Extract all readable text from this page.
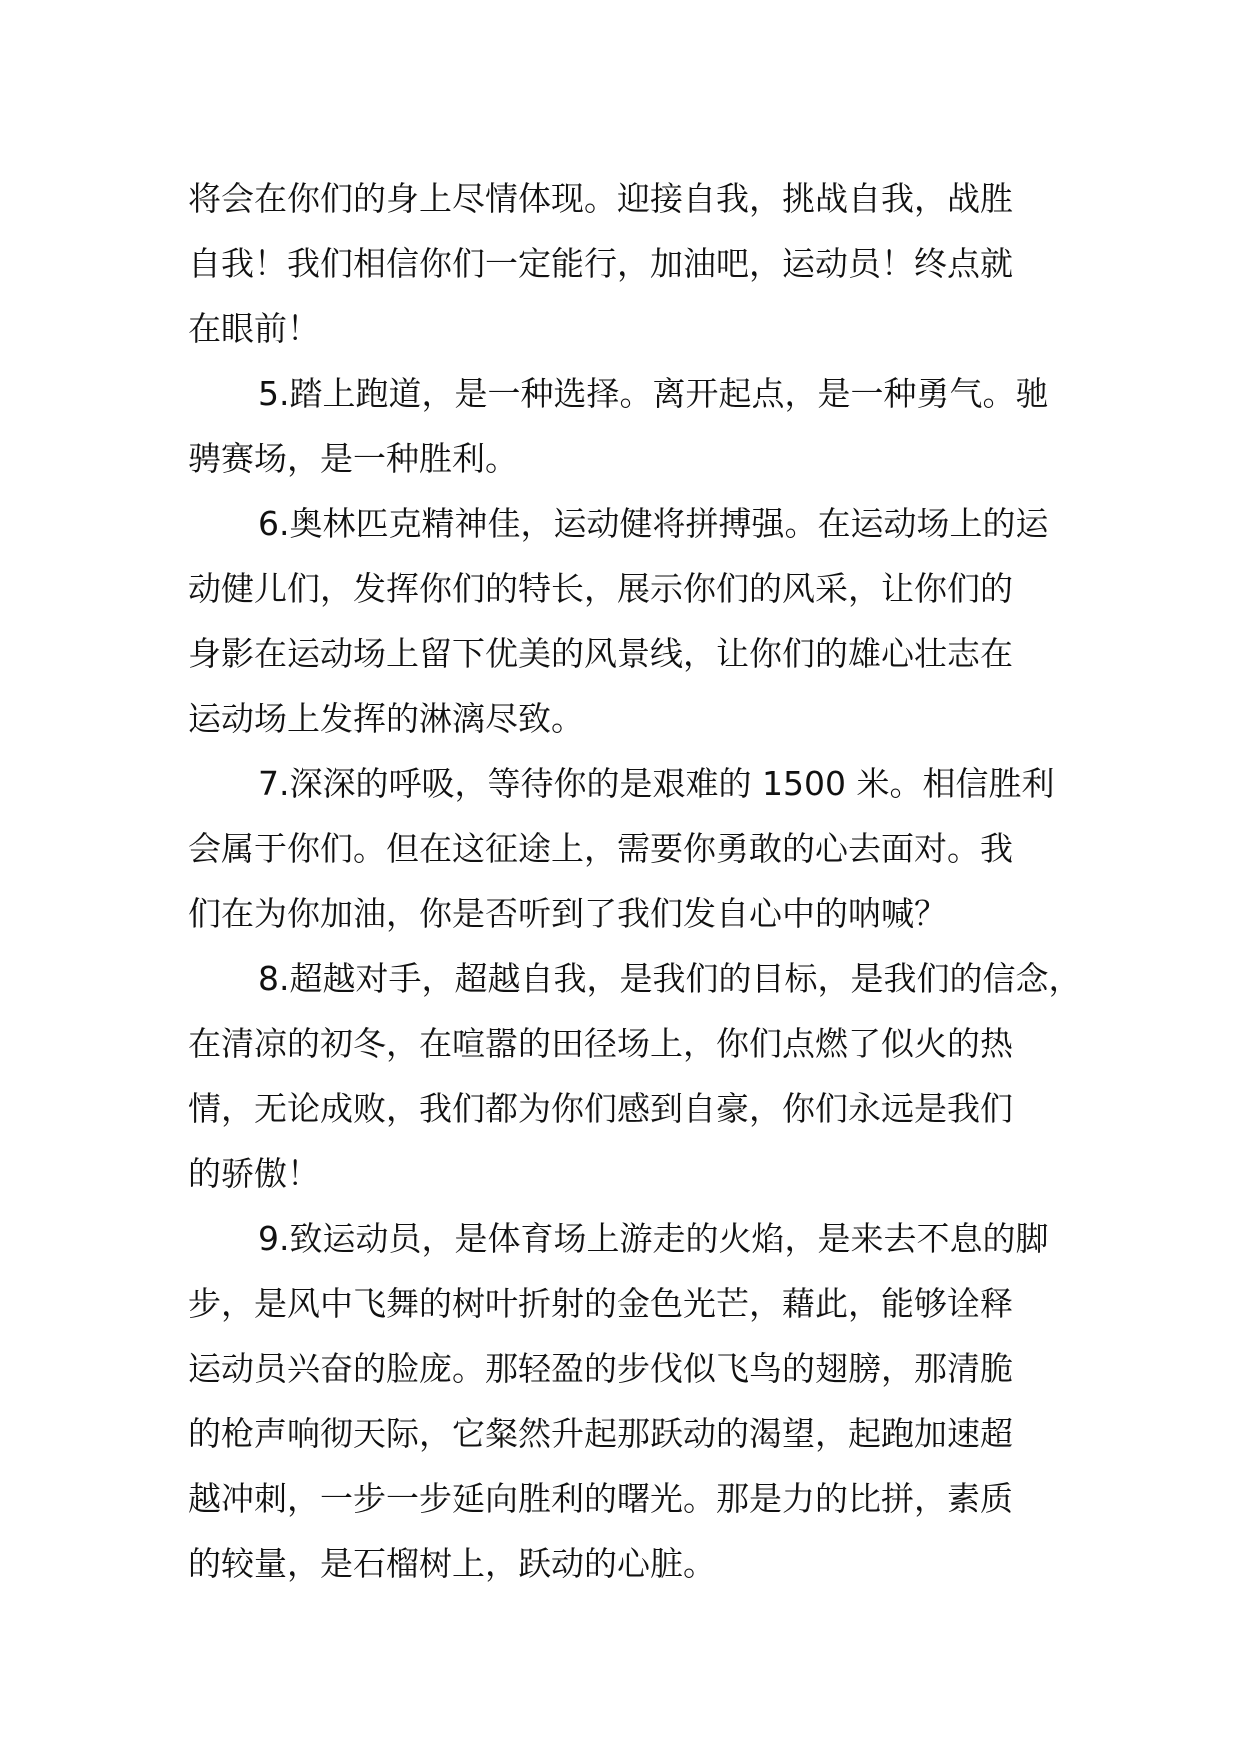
将会在你们的身上尽情体现。迎接自我，挑战自我，战胜
自我！我们相信你们一定能行，加油吧，运动员！终点就
在眼前！
5.踏上跑道，是一种选择。离开起点，是一种勇气。驰
骋赛场，是一种胜利。
6.奥林匹克精神佳，运动健将拼搏强。在运动场上的运
动健儿们，发挥你们的特长，展示你们的风采，让你们的
身影在运动场上留下优美的风景线，让你们的雄心壮志在
运动场上发挥的淋漓尽致。
7.深深的呼吸，等待你的是艰难的 1500 米。相信胜利
会属于你们。但在这征途上，需要你勇敢的心去面对。我
们在为你加油，你是否听到了我们发自心中的呐喊？
8.超越对手，超越自我，是我们的目标，是我们的信念，
在清凉的初冬，在喧嚣的田径场上，你们点燃了似火的热
情，无论成败，我们都为你们感到自豪，你们永远是我们
的骄傲！
9.致运动员，是体育场上游走的火焰，是来去不息的脚
步，是风中飞舞的树叶折射的金色光芒，藉此，能够诠释
运动员兴奋的脸庞。那轻盈的步伐似飞鸟的翅膀，那清脆
的枪声响彻天际，它粲然升起那跃动的渴望，起跑加速超
越冲刺，一步一步延向胜利的曙光。那是力的比拼，素质
的较量，是石榴树上，跃动的心脏。
